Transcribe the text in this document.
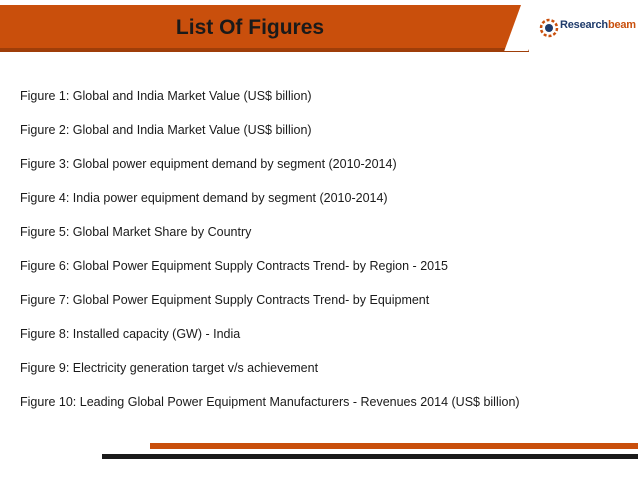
List Of Figures	Researchbeam
Figure 1: Global and India Market Value (US$ billion)
Figure 2: Global and India Market Value (US$ billion)
Figure 3: Global power equipment demand by segment (2010-2014)
Figure 4: India power equipment demand by segment (2010-2014)
Figure 5: Global Market Share by Country
Figure 6: Global Power Equipment Supply Contracts Trend- by Region - 2015
Figure 7: Global Power Equipment Supply Contracts Trend- by Equipment
Figure 8: Installed capacity (GW) - India
Figure 9: Electricity generation target v/s achievement
Figure 10: Leading Global Power Equipment Manufacturers - Revenues 2014 (US$ billion)
